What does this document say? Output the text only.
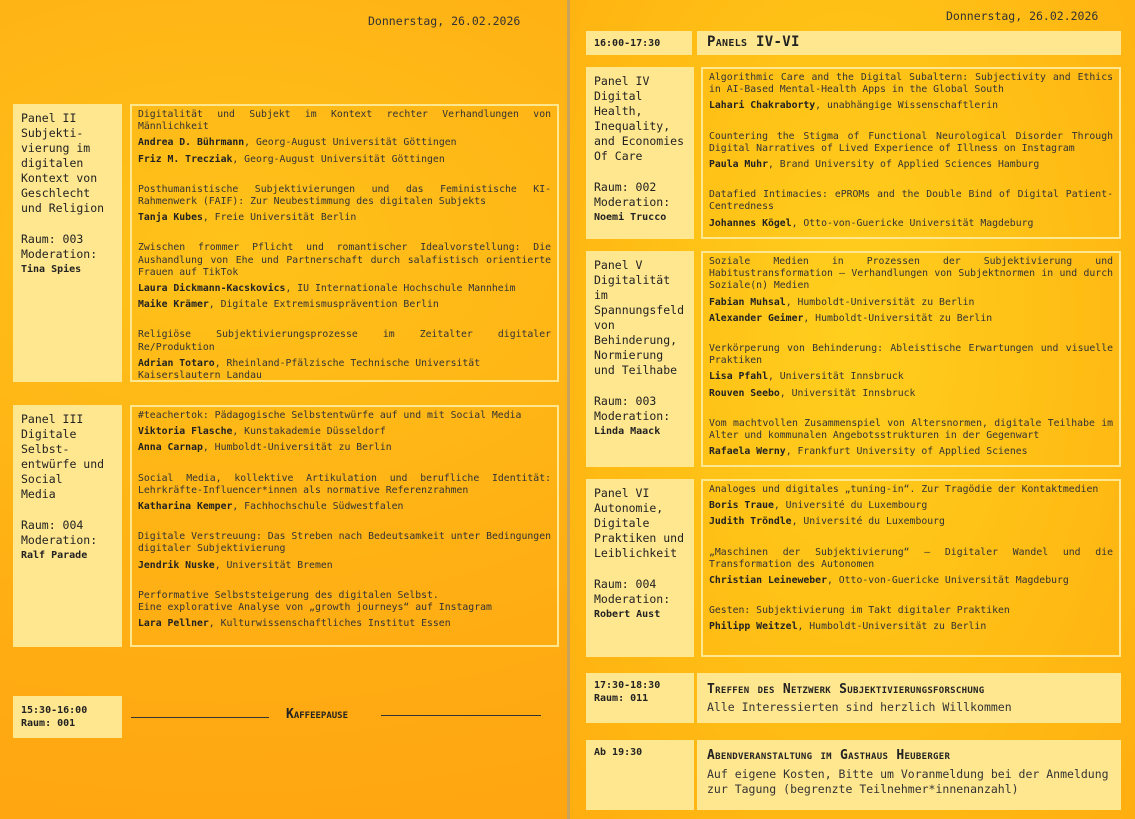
Donnerstag, 26.02.2026
Panel II
Subjekti-
vierung im
digitalen
Kontext von
Geschlecht
und Religion
Raum: 003
Moderation:
Tina Spies
Digitalität und Subjekt im Kontext rechter Verhandlungen von Männlichkeit
Andrea D. Bührmann, Georg-August Universität Göttingen
Friz M. Trecziak, Georg-August Universität Göttingen
Posthumanistische Subjektivierungen und das Feministische KI-Rahmenwerk (FAIF): Zur Neubestimmung des digitalen Subjekts
Tanja Kubes, Freie Universität Berlin
Zwischen frommer Pflicht und romantischer Idealvorstellung: Die Aushandlung von Ehe und Partnerschaft durch salafistisch orientierte Frauen auf TikTok
Laura Dickmann-Kacskovics, IU Internationale Hochschule Mannheim
Maike Krämer, Digitale Extremismusprävention Berlin
Religiöse Subjektivierungsprozesse im Zeitalter digitaler Re/Produktion
Adrian Totaro, Rheinland-Pfälzische Technische Universität Kaiserslautern Landau
Panel III
Digitale
Selbst-
entwürfe und
Social
Media
Raum: 004
Moderation:
Ralf Parade
#teachertok: Pädagogische Selbstentwürfe auf und mit Social Media
Viktoria Flasche, Kunstakademie Düsseldorf
Anna Carnap, Humboldt-Universität zu Berlin
Social Media, kollektive Artikulation und berufliche Identität: Lehrkräfte-Influencer*innen als normative Referenzrahmen
Katharina Kemper, Fachhochschule Südwestfalen
Digitale Verstreuung: Das Streben nach Bedeutsamkeit unter Bedingungen digitaler Subjektivierung
Jendrik Nuske, Universität Bremen
Performative Selbststeigerung des digitalen Selbst.
Eine explorative Analyse von „growth journeys“ auf Instagram
Lara Pellner, Kulturwissenschaftliches Institut Essen
15:30-16:00
Raum: 001
Kaffeepause
Donnerstag, 26.02.2026
16:00-17:30	Panels IV-VI
Panel IV
Digital
Health,
Inequality,
and Economies
Of Care
Raum: 002
Moderation:
Noemi Trucco
Algorithmic Care and the Digital Subaltern: Subjectivity and Ethics in AI-Based Mental-Health Apps in the Global South
Lahari Chakraborty, unabhängige Wissenschaftlerin
Countering the Stigma of Functional Neurological Disorder Through Digital Narratives of Lived Experience of Illness on Instagram
Paula Muhr, Brand University of Applied Sciences Hamburg
Datafied Intimacies: ePROMs and the Double Bind of Digital Patient-Centredness
Johannes Kögel, Otto-von-Guericke Universität Magdeburg
Panel V
Digitalität
im
Spannungsfeld
von
Behinderung,
Normierung
und Teilhabe
Raum: 003
Moderation:
Linda Maack
Soziale Medien in Prozessen der Subjektivierung und Habitustransformation – Verhandlungen von Subjektnormen in und durch Soziale(n) Medien
Fabian Muhsal, Humboldt-Universität zu Berlin
Alexander Geimer, Humboldt-Universität zu Berlin
Verkörperung von Behinderung: Ableistische Erwartungen und visuelle Praktiken
Lisa Pfahl, Universität Innsbruck
Rouven Seebo, Universität Innsbruck
Vom machtvollen Zusammenspiel von Altersnormen, digitale Teilhabe im Alter und kommunalen Angebotsstrukturen in der Gegenwart
Rafaela Werny, Frankfurt University of Applied Scienes
Panel VI
Autonomie,
Digitale
Praktiken und
Leiblichkeit
Raum: 004
Moderation:
Robert Aust
Analoges und digitales „tuning-in“. Zur Tragödie der Kontaktmedien
Boris Traue, Université du Luxembourg
Judith Tröndle, Université du Luxembourg
„Maschinen der Subjektivierung“ – Digitaler Wandel und die Transformation des Autonomen
Christian Leineweber, Otto-von-Guericke Universität Magdeburg
Gesten: Subjektivierung im Takt digitaler Praktiken
Philipp Weitzel, Humboldt-Universität zu Berlin
17:30-18:30
Raum: 011
Treffen des Netzwerk Subjektivierungsforschung
Alle Interessierten sind herzlich Willkommen
Ab 19:30	Abendveranstaltung im Gasthaus Heuberger
Auf eigene Kosten, Bitte um Voranmeldung bei der Anmeldung zur Tagung (begrenzte Teilnehmer*innenanzahl)
